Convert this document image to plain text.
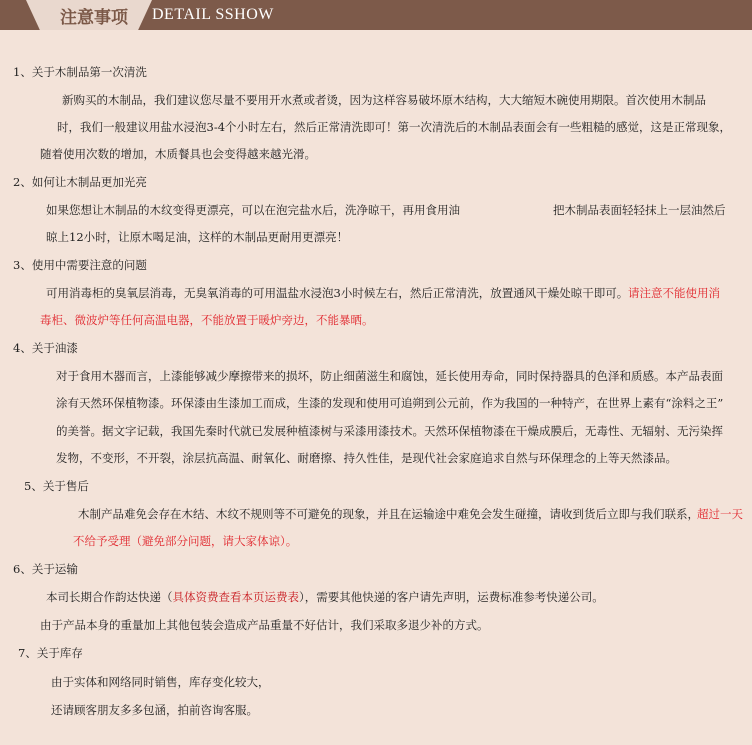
注意事项 DETAIL SSHOW
1、关于木制品第一次清洗
新购买的木制品，我们建议您尽量不要用开水煮或者烫，因为这样容易破坏原木结构，大大缩短木碗使用期限。首次使用木制品
时，我们一般建议用盐水浸泡3-4个小时左右，然后正常清洗即可！第一次清洗后的木制品表面会有一些粗糙的感觉，这是正常现象，
随着使用次数的增加，木质餐具也会变得越来越光滑。
2、如何让木制品更加光亮
如果您想让木制品的木纹变得更漂亮，可以在泡完盐水后，洗净晾干，再用食用油	把木制品表面轻轻抹上一层油然后
晾上12小时，让原木喝足油，这样的木制品更耐用更漂亮！
3、使用中需要注意的问题
可用消毒柜的臭氧层消毒，无臭氧消毒的可用温盐水浸泡3小时候左右，然后正常清洗，放置通风干燥处晾干即可。 请注意不能使用消
毒柜、微波炉等任何高温电器，不能放置于暖炉旁边，不能暴晒。
4、关于油漆
对于食用木器而言，上漆能够减少摩擦带来的损坏，防止细菌滋生和腐蚀，延长使用寿命，同时保持器具的色泽和质感。本产品表面
涂有天然环保植物漆。环保漆由生漆加工而成，生漆的发现和使用可追朔到公元前，作为我国的一种特产，在世界上素有“涂料之王”
的美誉。据文字记载，我国先秦时代就已发展种植漆树与采漆用漆技术。天然环保植物漆在干燥成膜后，无毒性、无辐射、无污染挥
发物，不变形，不开裂，涂层抗高温、耐氧化、耐磨擦、持久性佳，是现代社会家庭追求自然与环保理念的上等天然漆品。
5、关于售后
木制产品难免会存在木结、木纹不规则等不可避免的现象，并且在运输途中难免会发生碰撞，请收到货后立即与我们联系，
超过一天
不给予受理（避免部分问题，请大家体谅）。
6、关于运输
本司长期合作韵达快递（具体资费查看本页运费表），需要其他快递的客户请先声明，运费标准参考快递公司。
由于产品本身的重量加上其他包装会造成产品重量不好估计，我们采取多退少补的方式。
7、关于库存
由于实体和网络同时销售，库存变化较大，
还请顾客朋友多多包涵，拍前咨询客服。
